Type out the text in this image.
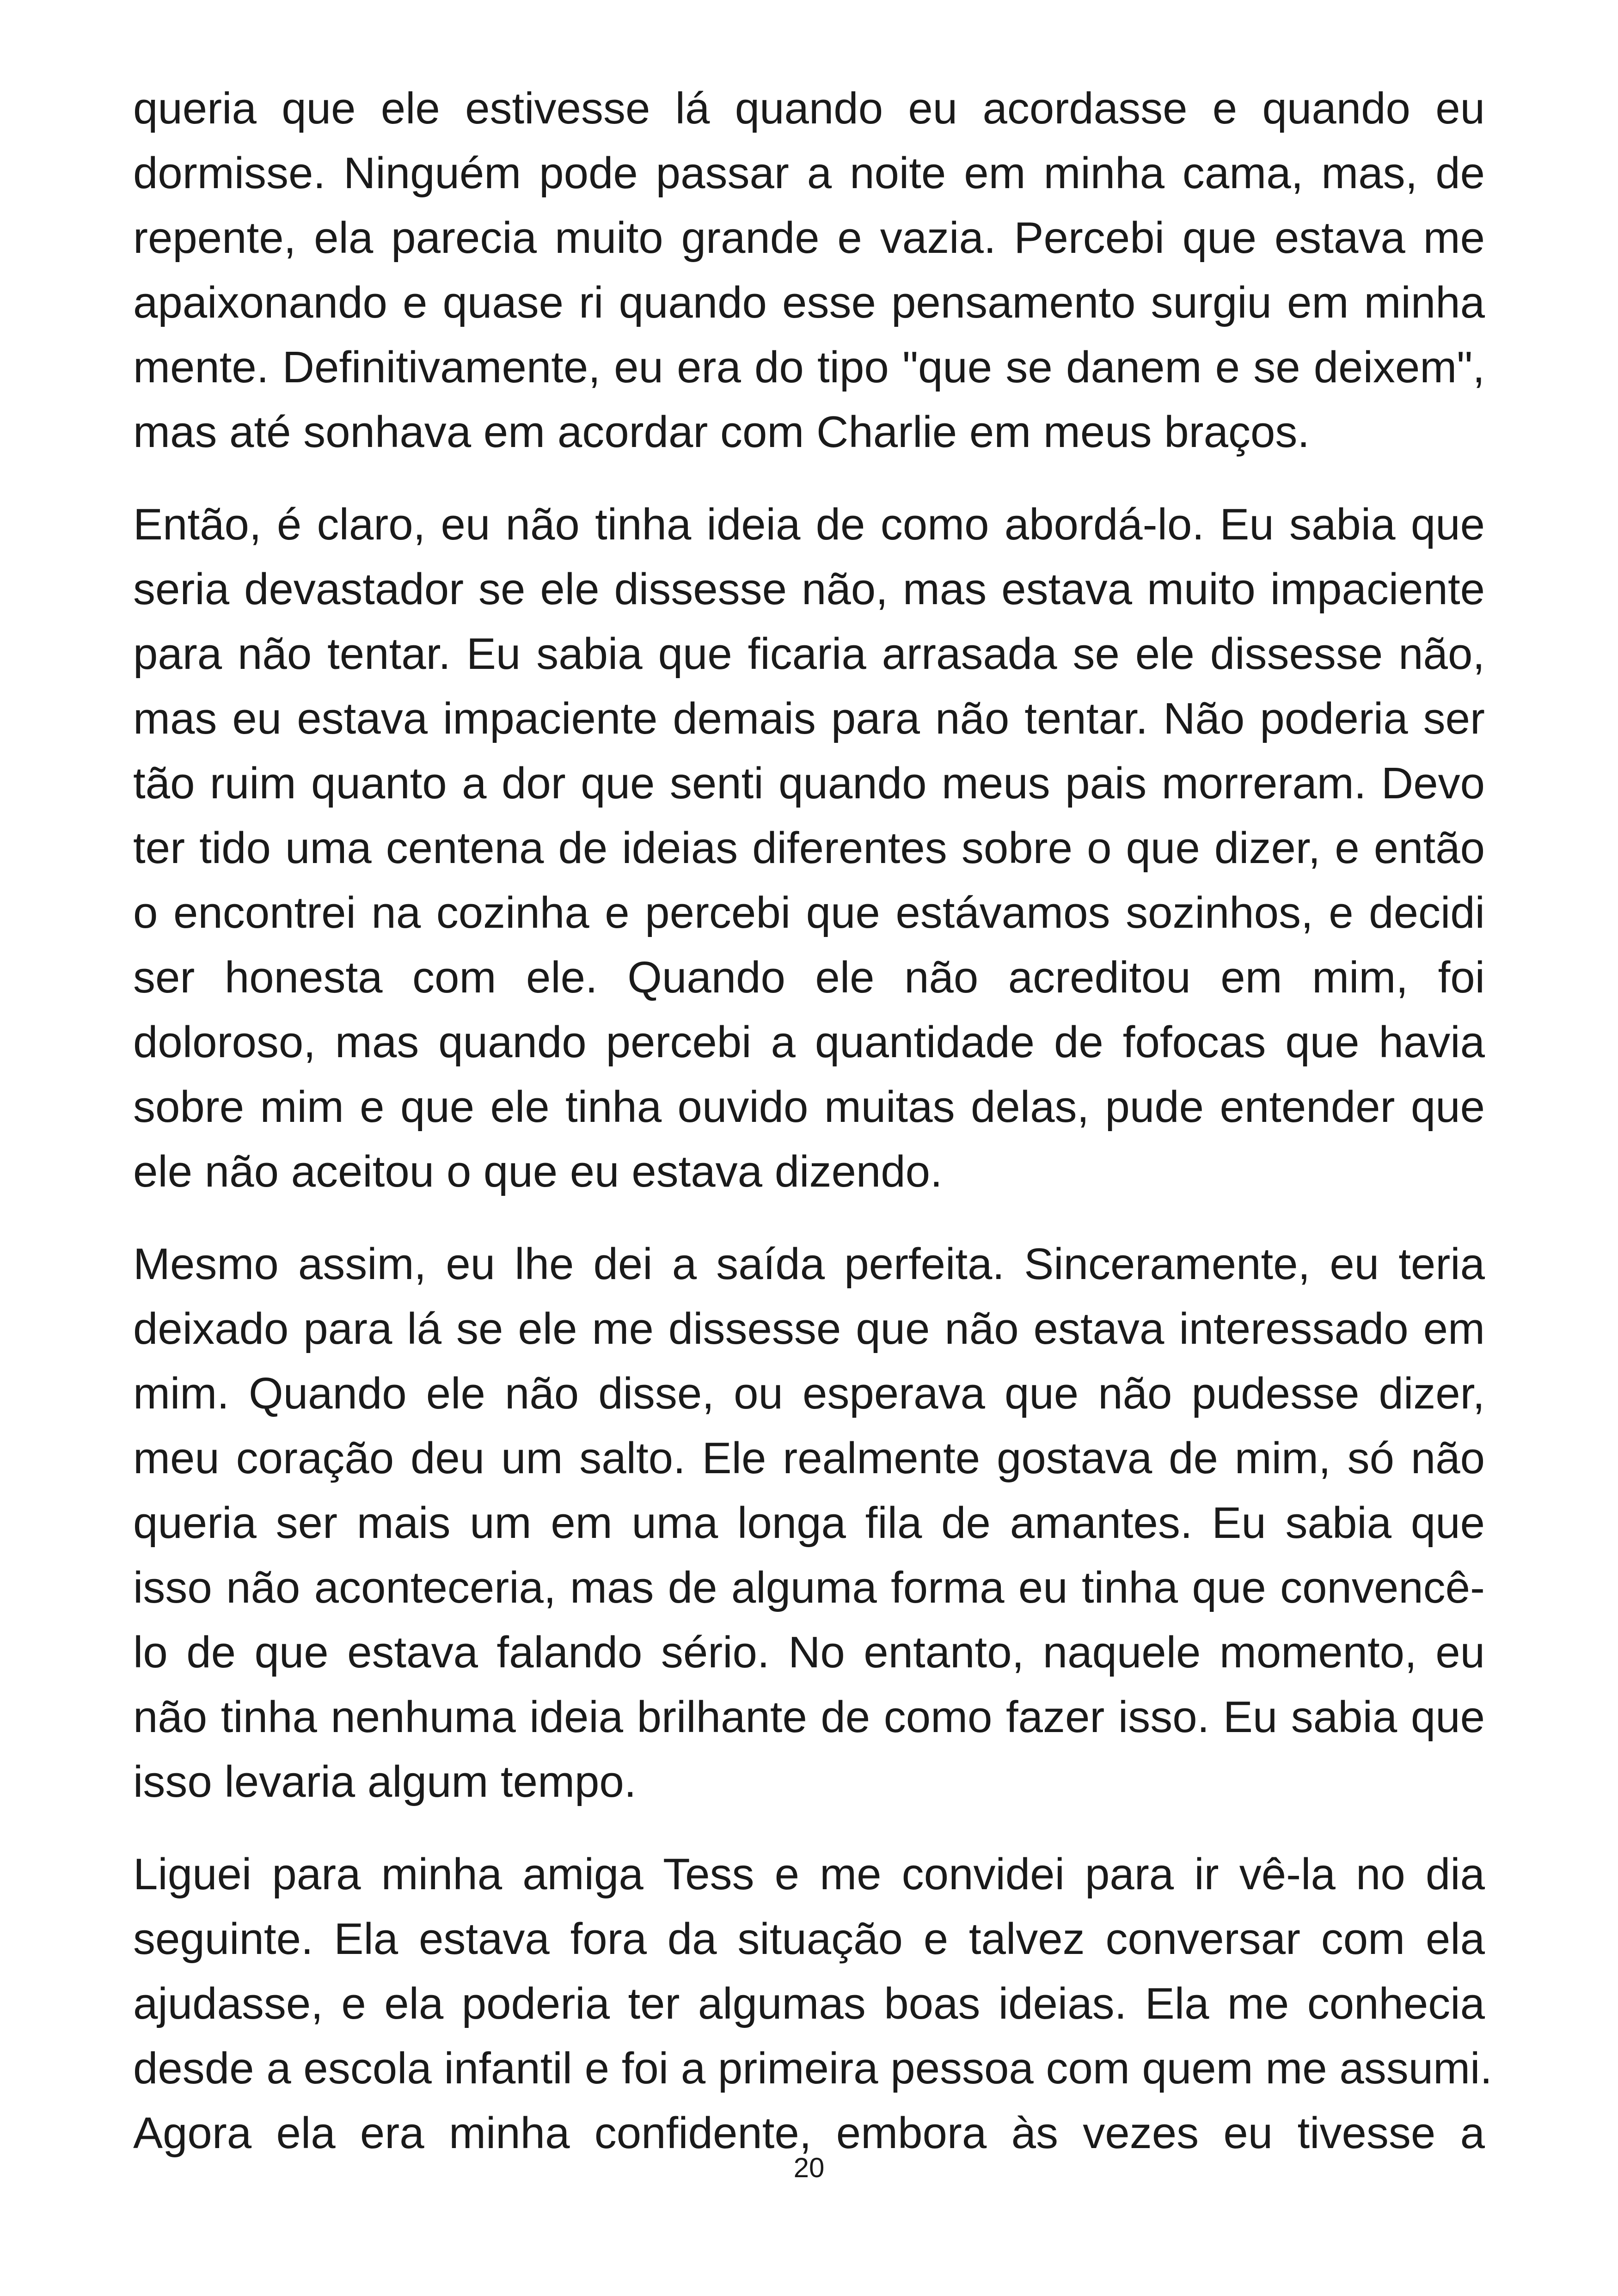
queria que ele estivesse lá quando eu acordasse e quando eu
dormisse. Ninguém pode passar a noite em minha cama, mas, de
repente, ela parecia muito grande e vazia. Percebi que estava me
apaixonando e quase ri quando esse pensamento surgiu em minha
mente. Definitivamente, eu era do tipo "que se danem e se deixem",
mas até sonhava em acordar com Charlie em meus braços.
Então, é claro, eu não tinha ideia de como abordá-lo. Eu sabia que
seria devastador se ele dissesse não, mas estava muito impaciente
para não tentar. Eu sabia que ficaria arrasada se ele dissesse não,
mas eu estava impaciente demais para não tentar. Não poderia ser
tão ruim quanto a dor que senti quando meus pais morreram. Devo
ter tido uma centena de ideias diferentes sobre o que dizer, e então
o encontrei na cozinha e percebi que estávamos sozinhos, e decidi
ser honesta com ele. Quando ele não acreditou em mim, foi
doloroso, mas quando percebi a quantidade de fofocas que havia
sobre mim e que ele tinha ouvido muitas delas, pude entender que
ele não aceitou o que eu estava dizendo.
Mesmo assim, eu lhe dei a saída perfeita. Sinceramente, eu teria
deixado para lá se ele me dissesse que não estava interessado em
mim. Quando ele não disse, ou esperava que não pudesse dizer,
meu coração deu um salto. Ele realmente gostava de mim, só não
queria ser mais um em uma longa fila de amantes. Eu sabia que
isso não aconteceria, mas de alguma forma eu tinha que convencê-
lo de que estava falando sério. No entanto, naquele momento, eu
não tinha nenhuma ideia brilhante de como fazer isso. Eu sabia que
isso levaria algum tempo.
Liguei para minha amiga Tess e me convidei para ir vê-la no dia
seguinte. Ela estava fora da situação e talvez conversar com ela
ajudasse, e ela poderia ter algumas boas ideias. Ela me conhecia
desde a escola infantil e foi a primeira pessoa com quem me assumi.
Agora ela era minha confidente, embora às vezes eu tivesse a
20
